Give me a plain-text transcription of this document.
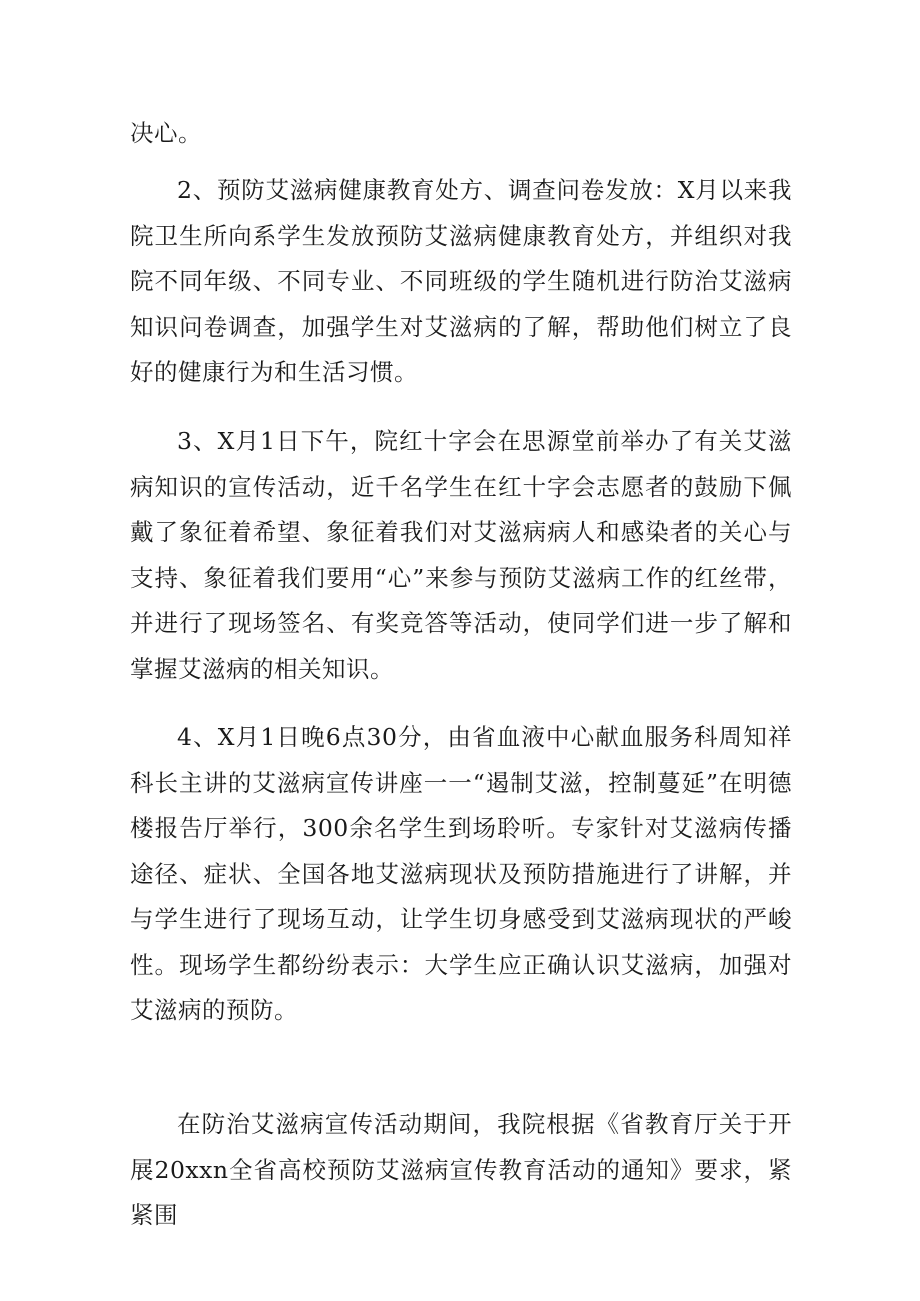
决心。

2、预防艾滋病健康教育处方、调查问卷发放：X月以来我院卫生所向系学生发放预防艾滋病健康教育处方，并组织对我院不同年级、不同专业、不同班级的学生随机进行防治艾滋病知识问卷调查，加强学生对艾滋病的了解，帮助他们树立了良好的健康行为和生活习惯。

3、X月1日下午，院红十字会在思源堂前举办了有关艾滋病知识的宣传活动，近千名学生在红十字会志愿者的鼓励下佩戴了象征着希望、象征着我们对艾滋病病人和感染者的关心与支持、象征着我们要用“心”来参与预防艾滋病工作的红丝带，并进行了现场签名、有奖竞答等活动，使同学们进一步了解和掌握艾滋病的相关知识。

4、X月1日晚6点30分，由省血液中心献血服务科周知祥科长主讲的艾滋病宣传讲座一一“遏制艾滋，控制蔓延”在明德楼报告厅举行，300余名学生到场聆听。专家针对艾滋病传播途径、症状、全国各地艾滋病现状及预防措施进行了讲解，并与学生进行了现场互动，让学生切身感受到艾滋病现状的严峻性。现场学生都纷纷表示：大学生应正确认识艾滋病，加强对艾滋病的预防。

在防治艾滋病宣传活动期间，我院根据《省教育厅关于开展20xxn全省高校预防艾滋病宣传教育活动的通知》要求，紧紧围
